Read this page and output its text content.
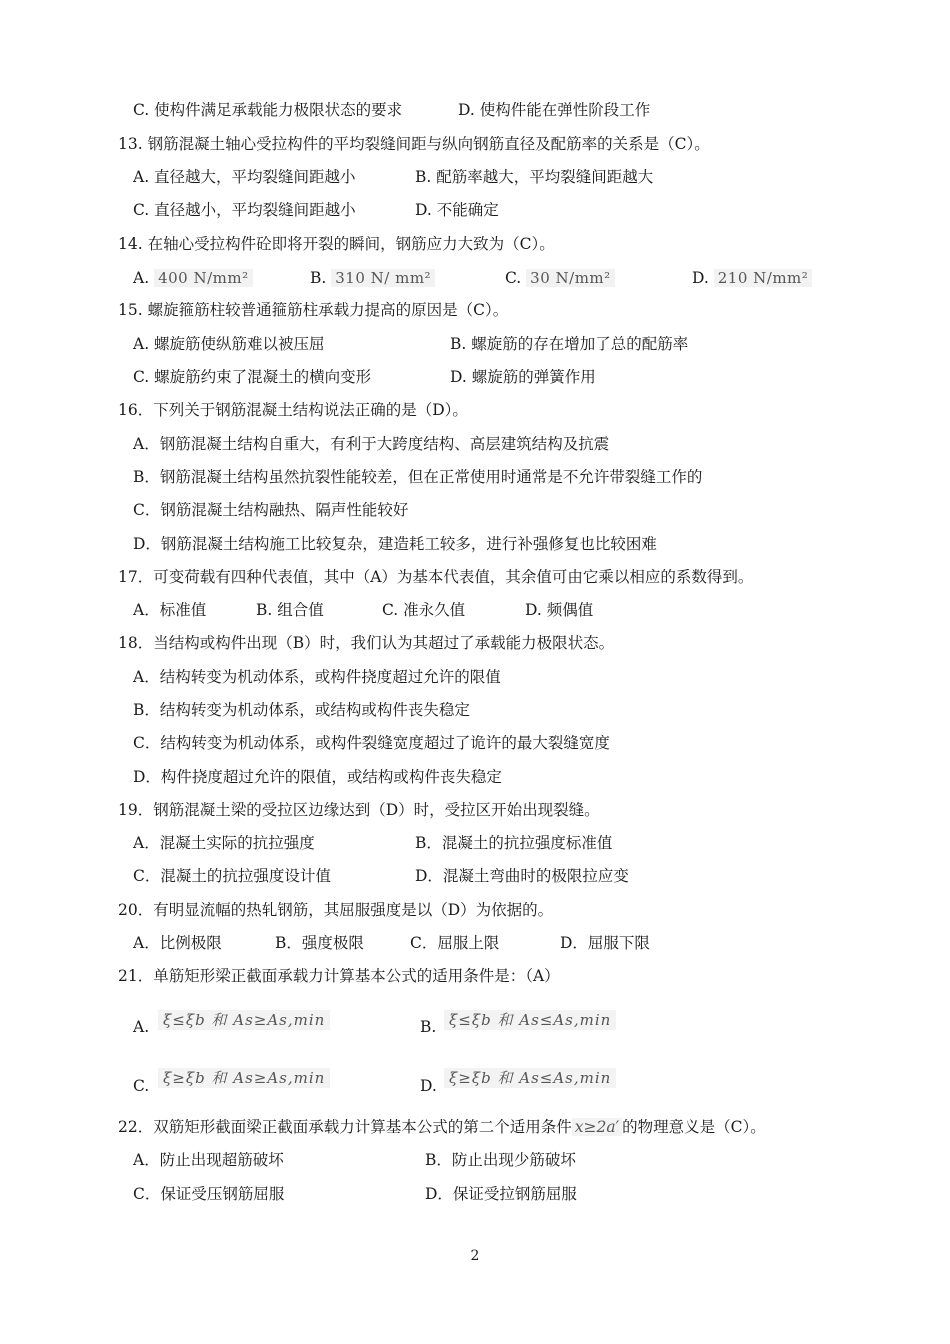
C. 使构件满足承载能力极限状态的要求	D. 使构件能在弹性阶段工作
13. 钢筋混凝土轴心受拉构件的平均裂缝间距与纵向钢筋直径及配筋率的关系是（C）。
A. 直径越大，平均裂缝间距越小	B. 配筋率越大，平均裂缝间距越大
C. 直径越小，平均裂缝间距越小	D. 不能确定
14. 在轴心受拉构件砼即将开裂的瞬间，钢筋应力大致为（C）。
A. 400 N/mm²	B. 310 N/ mm²	C. 30 N/mm²	D. 210 N/mm²
15. 螺旋箍筋柱较普通箍筋柱承载力提高的原因是（C）。
A. 螺旋筋使纵筋难以被压屈	B. 螺旋筋的存在增加了总的配筋率
C. 螺旋筋约束了混凝土的横向变形	D. 螺旋筋的弹簧作用
16．下列关于钢筋混凝土结构说法正确的是（D）。
A．钢筋混凝土结构自重大，有利于大跨度结构、高层建筑结构及抗震
B．钢筋混凝土结构虽然抗裂性能较差，但在正常使用时通常是不允许带裂缝工作的
C．钢筋混凝土结构融热、隔声性能较好
D．钢筋混凝土结构施工比较复杂，建造耗工较多，进行补强修复也比较困难
17．可变荷载有四种代表值，其中（A）为基本代表值，其余值可由它乘以相应的系数得到。
A．标准值	B. 组合值	C. 准永久值	D. 频偶值
18．当结构或构件出现（B）时，我们认为其超过了承载能力极限状态。
A．结构转变为机动体系，或构件挠度超过允许的限值
B．结构转变为机动体系，或结构或构件丧失稳定
C．结构转变为机动体系，或构件裂缝宽度超过了诡许的最大裂缝宽度
D．构件挠度超过允许的限值，或结构或构件丧失稳定
19．钢筋混凝土梁的受拉区边缘达到（D）时，受拉区开始出现裂缝。
A．混凝土实际的抗拉强度	B．混凝土的抗拉强度标准值
C．混凝土的抗拉强度设计值	D．混凝土弯曲时的极限拉应变
20．有明显流幅的热轧钢筋，其屈服强度是以（D）为依据的。
A．比例极限	B．强度极限	C．屈服上限	D．屈服下限
21．单筋矩形梁正截面承载力计算基本公式的适用条件是：（A）
A. ξ≤ξb 和 As≥As,min	B. ξ≤ξb 和 As≤As,min
C. ξ≥ξb 和 As≥As,min	D. ξ≥ξb 和 As≤As,min
22．双筋矩形截面梁正截面承载力计算基本公式的第二个适用条件 x≥2a′ 的物理意义是（C）。
A．防止出现超筋破坏	B．防止出现少筋破坏
C．保证受压钢筋屈服	D．保证受拉钢筋屈服
2
